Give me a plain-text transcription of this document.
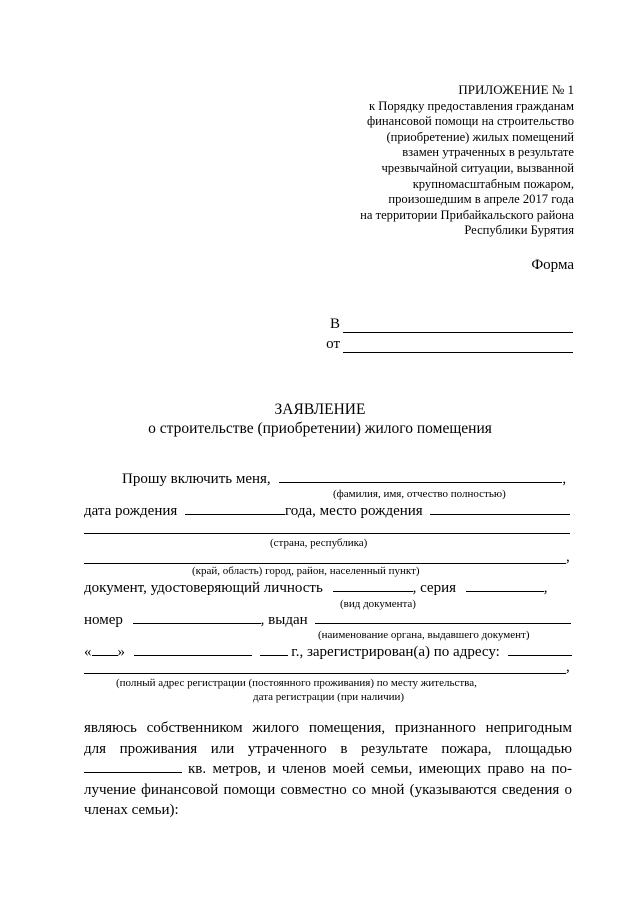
ПРИЛОЖЕНИЕ № 1
к Порядку предоставления гражданам
финансовой помощи на строительство
(приобретение) жилых помещений
взамен утраченных в результате
чрезвычайной ситуации, вызванной
крупномасштабным пожаром,
произошедшим в апреле 2017 года
на территории Прибайкальского района
Республики Бурятия
Форма
В
от
ЗАЯВЛЕНИЕ
о строительстве (приобретении) жилого помещения
Прошу включить меня,	,
(фамилия, имя, отчество полностью)
дата рождения	года, место рождения
(страна, республика)
,
(край, область) город, район, населенный пункт)
документ, удостоверяющий личность	, серия	,
(вид документа)
номер	, выдан
(наименование органа, выдавшего документ)
« »	г., зарегистрирован(а) по адресу:
,
(полный адрес регистрации (постоянного проживания) по месту жительства,
дата регистрации (при наличии)
являюсь собственником жилого помещения, признанного непригодным
для проживания или утраченного в результате пожара, площадью
кв. метров, и членов моей семьи, имеющих право на по-
лучение финансовой помощи совместно со мной (указываются сведения о
членах семьи):
